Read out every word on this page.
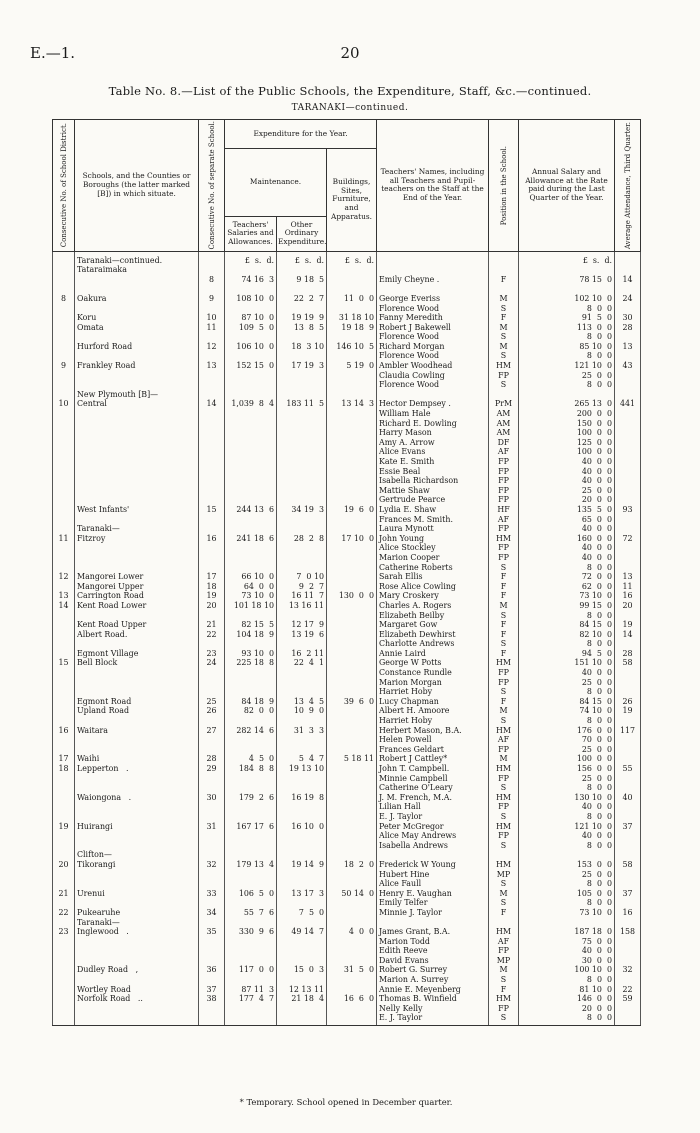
E.—1.	20
Table No. 8.—List of the Public Schools, the Expenditure, Staff, &c.—continued.
TARANAKI—continued.
Consecutive No. of School District.	Schools, and the Counties or Boroughs (the latter marked [B]) in which situate.	Consecutive No. of separate School.	Expenditure for the Year.			Teachers' Names, including all Teachers and Pupil-teachers on the Staff at the End of the Year.	Position in the School.	Annual Salary and Allowance at the Rate paid during the Last Quarter of the Year.	Average Attendance, Third Quarter.

			Maintenance.		Buildings, Sites, Furniture, and Apparatus.				
			Teachers' Salaries and Allowances.	Other Ordinary Expenditure.					

	Taranaki—continued.
Tataraimaka		£  s.  d.	£  s.  d.	£  s.  d.			£  s.  d.	

	8	74 16  3	9 18  5		Emily Cheyne .	F	78 15  0	14
8	Oakura	9	108 10  0	22  2  7	11  0  0	George Everiss	M	102 10  0	24

					Florence Wood	S	8  0  0	

	Koru	10	87 10  0	19 19  9	31 18 10	Fanny Meredith	F	91  5  0	30

	Omata	11	109  5  0	13  8  5	19 18  9	Robert J Bakewell	M	113  0  0	28

					Florence Wood	S	8  0  0	

	Hurford Road	12	106 10  0	18  3 10	146 10  5	Richard Morgan	M	85 10  0	13

					Florence Wood	S	8  0  0	
9	Frankley Road	13	152 15  0	17 19  3	5 19  0	Ambler Woodhead	HM	121 10  0	43

					Claudia Cowling	FP	25  0  0	

					Florence Wood	S	8  0  0	

	New Plymouth [B]—								

10	Central	14	1,039  8  4	183 11  5	13 14  3	Hector Dempsey .	PrM	265 13  0	441

					William Hale	AM	200  0  0	

					Richard E. Dowling	AM	150  0  0	

					Harry Mason	AM	100  0  0	

					Amy A. Arrow	DF	125  0  0	

					Alice Evans	AF	100  0  0	

					Kate E. Smith	FP	40  0  0	

					Essie Beal	FP	40  0  0	

					Isabella Richardson	FP	40  0  0	

					Mattie Shaw	FP	25  0  0	

					Gertrude Pearce	FP	20  0  0	

	West Infants'	15	244 13  6	34 19  3	19  6  0	Lydia E. Shaw	HF	135  5  0	93

					Frances M. Smith.	AF	65  0  0	

	Taranaki—					Laura Mynott	FP	40  0  0	
11	Fitzroy	16	241 18  6	28  2  8	17 10  0	John Young	HM	160  0  0	72

					Alice Stockley	FP	40  0  0	

					Marion Cooper	FP	40  0  0	

					Catherine Roberts	S	8  0  0	
12	Mangorei Lower	17	66 10  0	7  0 10		Sarah Ellis	F	72  0  0	13

	Mangorei Upper	18	64  0  0	9  2  7		Rose Alice Cowling	F	62  0  0	11
13	Carrington Road	19	73 10  0	16 11  7	130  0  0	Mary Croskery	F	73 10  0	16
14	Kent Road Lower	20	101 18 10	13 16 11		Charles A. Rogers	M	99 15  0	20

					Elizabeth Beilby	S	8  0  0	

	Kent Road Upper	21	82 15  5	12 17  9		Margaret Gow	F	84 15  0	19

	Albert Road.	22	104 18  9	13 19  6		Elizabeth Dewhirst	F	82 10  0	14

					Charlotte Andrews	S	8  0  0	

	Egmont Village	23	93 10  0	16  2 11		Annie Laird	F	94  5  0	28
15	Bell Block	24	225 18  8	22  4  1		George W Potts	HM	151 10  0	58

					Constance Rundle	FP	40  0  0	

					Marion Morgan	FP	25  0  0	

					Harriet Hoby	S	8  0  0	

	Egmont Road	25	84 18  9	13  4  5	39  6  0	Lucy Chapman	F	84 15  0	26

	Upland Road	26	82  0  0	10  9  0		Albert H. Amoore	M	74 10  0	19

					Harriet Hoby	S	8  0  0	
16	Waitara	27	282 14  6	31  3  3		Herbert Mason, B.A.	HM	176  0  0	117

					Helen Powell	AF	70  0  0	

					Frances Geldart	FP	25  0  0	
17	Waihi	28	4  5  0	5  4  7	5 18 11	Robert J Cattley*	M	100  0  0	
18	Lepperton   .	29	184  8  8	19 13 10		John T. Campbell.	HM	156  0  0	55

					Minnie Campbell	FP	25  0  0	

					Catherine O'Leary	S	8  0  0	

	Waiongona   .	30	179  2  6	16 19  8		J. M. French, M.A.	HM	130 10  0	40

					Lilian Hall	FP	40  0  0	

					E. J. Taylor	S	8  0  0	
19	Huirangi	31	167 17  6	16 10  0		Peter McGregor	HM	121 10  0	37

					Alice May Andrews	FP	40  0  0	

					Isabella Andrews	S	8  0  0	

	Clifton—								

20	Tikorangi	32	179 13  4	19 14  9	18  2  0	Frederick W Young	HM	153  0  0	58

					Hubert Hine	MP	25  0  0	

					Alice Faull	S	8  0  0	
21	Urenui	33	106  5  0	13 17  3	50 14  0	Henry E. Vaughan	M	105  0  0	37

					Emily Telfer	S	8  0  0	
22	Pukearuhe	34	55  7  6	7  5  0		Minnie J. Taylor	F	73 10  0	16

	Taranaki—								

23	Inglewood   .	35	330  9  6	49 14  7	4  0  0	James Grant, B.A.	HM	187 18  0	158

					Marion Todd	AF	75  0  0	

					Edith Reeve	FP	40  0  0	

					David Evans	MP	30  0  0	

	Dudley Road   ,	36	117  0  0	15  0  3	31  5  0	Robert G. Surrey	M	100 10  0	32

					Marion A. Surrey	S	8  0  0	

	Wortley Road	37	87 11  3	12 13 11		Annie E. Meyenberg	F	81 10  0	22

	Norfolk Road   ..	38	177  4  7	21 18  4	16  6  0	Thomas B. Winfield	HM	146  0  0	59

					Nelly Kelly	FP	20  0  0	

					E. J. Taylor	S	8  0  0	
* Temporary. School opened in December quarter.
